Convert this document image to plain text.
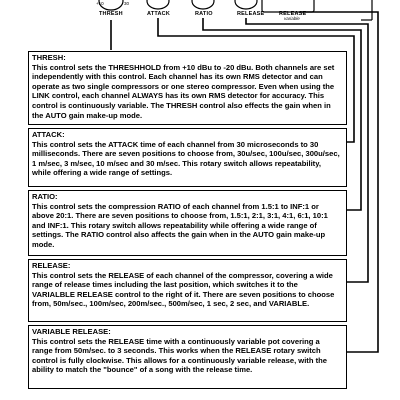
+10	30
THRESH	ATTACK	RATIO	RELEASE	RELEASE
variable
THRESH:
This control sets the THRESHHOLD from +10 dBu to -20 dBu. Both channels are set independently with this control. Each channel has its own RMS detector and can operate as two single compressors or one stereo compressor. Even when using the LINK control, each channel ALWAYS has its own RMS detector for accuracy. This control is continuously variable. The THRESH control also effects the gain when in the AUTO gain make-up mode.
ATTACK:
This control sets the ATTACK time of each channel from 30 microseconds to 30 milliseconds. There are seven positions to choose from, 30u/sec, 100u/sec, 300u/sec, 1 m/sec, 3 m/sec, 10 m/sec and 30 m/sec. This rotary switch allows repeatability, while offering a wide range of settings.
RATIO:
This control sets the compression RATIO of each channel from 1.5:1 to INF:1 or above 20:1. There are seven positions to choose from, 1.5:1, 2:1, 3:1, 4:1, 6:1, 10:1 and INF:1. This rotary switch allows repeatability while offering a wide range of settings. The RATIO control also affects the gain when in the AUTO gain make-up mode.
RELEASE:
This control sets the RELEASE of each channel of the compressor, covering a wide range of release times including the last position, which switches it to the VARIALBLE RELEASE control to the right of it. There are seven positions to choose from, 50m/sec., 100m/sec, 200m/sec., 500m/sec, 1 sec, 2 sec, and VARIABLE.
VARIABLE RELEASE:
This control sets the RELEASE time with a continuously variable pot covering a range from 50m/sec. to 3 seconds. This works when the RELEASE rotary switch control is fully clockwise. This allows for a continuously variable release, with the ability to match the "bounce" of a song with the release time.
